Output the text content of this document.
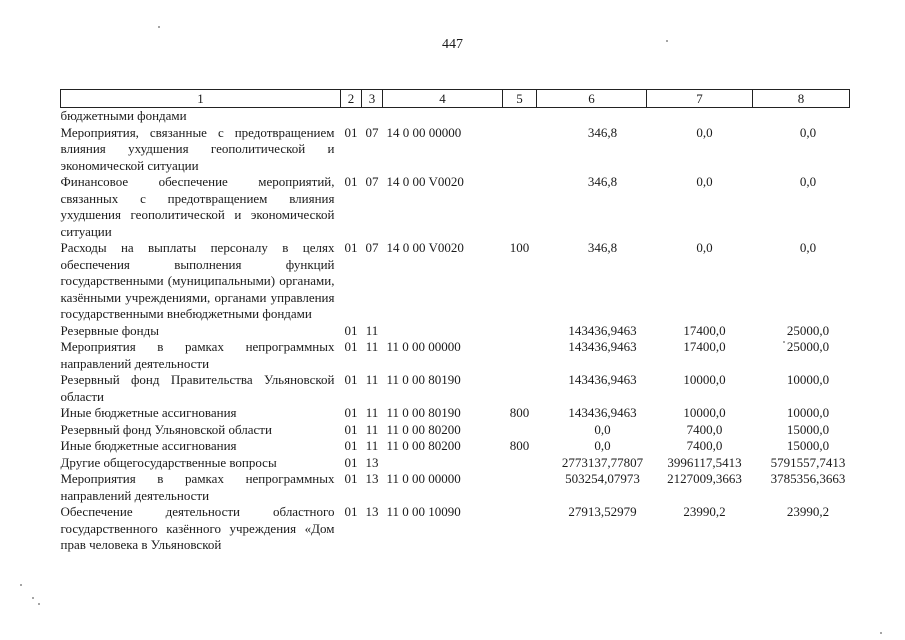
447
1	2	3	4	5	6	7	8
бюджетными фондами							
Мероприятия, связанные с предотвращением влияния ухудшения геополитической и экономической ситуации	01	07	14 0 00 00000		346,8	0,0	0,0
Финансовое обеспечение мероприятий, связанных с предотвращением влияния ухудшения геополитической и экономической ситуации	01	07	14 0 00 V0020		346,8	0,0	0,0
Расходы на выплаты персоналу в целях обеспечения выполнения функций государственными (муниципальными) органами, казёнными учреждениями, органами управления государственными внебюджетными фондами	01	07	14 0 00 V0020	100	346,8	0,0	0,0
Резервные фонды	01	11			143436,9463	17400,0	25000,0
Мероприятия в рамках непрограммных направлений деятельности	01	11	11 0 00 00000		143436,9463	17400,0	25000,0
Резервный фонд Правительства Ульяновской области	01	11	11 0 00 80190		143436,9463	10000,0	10000,0
Иные бюджетные ассигнования	01	11	11 0 00 80190	800	143436,9463	10000,0	10000,0
Резервный фонд Ульяновской области	01	11	11 0 00 80200		0,0	7400,0	15000,0
Иные бюджетные ассигнования	01	11	11 0 00 80200	800	0,0	7400,0	15000,0
Другие общегосударственные вопросы	01	13			2773137,77807	3996117,5413	5791557,7413
Мероприятия в рамках непрограммных направлений деятельности	01	13	11 0 00 00000		503254,07973	2127009,3663	3785356,3663
Обеспечение деятельности областного государственного казённого учреждения «Дом прав человека в Ульяновской	01	13	11 0 00 10090		27913,52979	23990,2	23990,2
